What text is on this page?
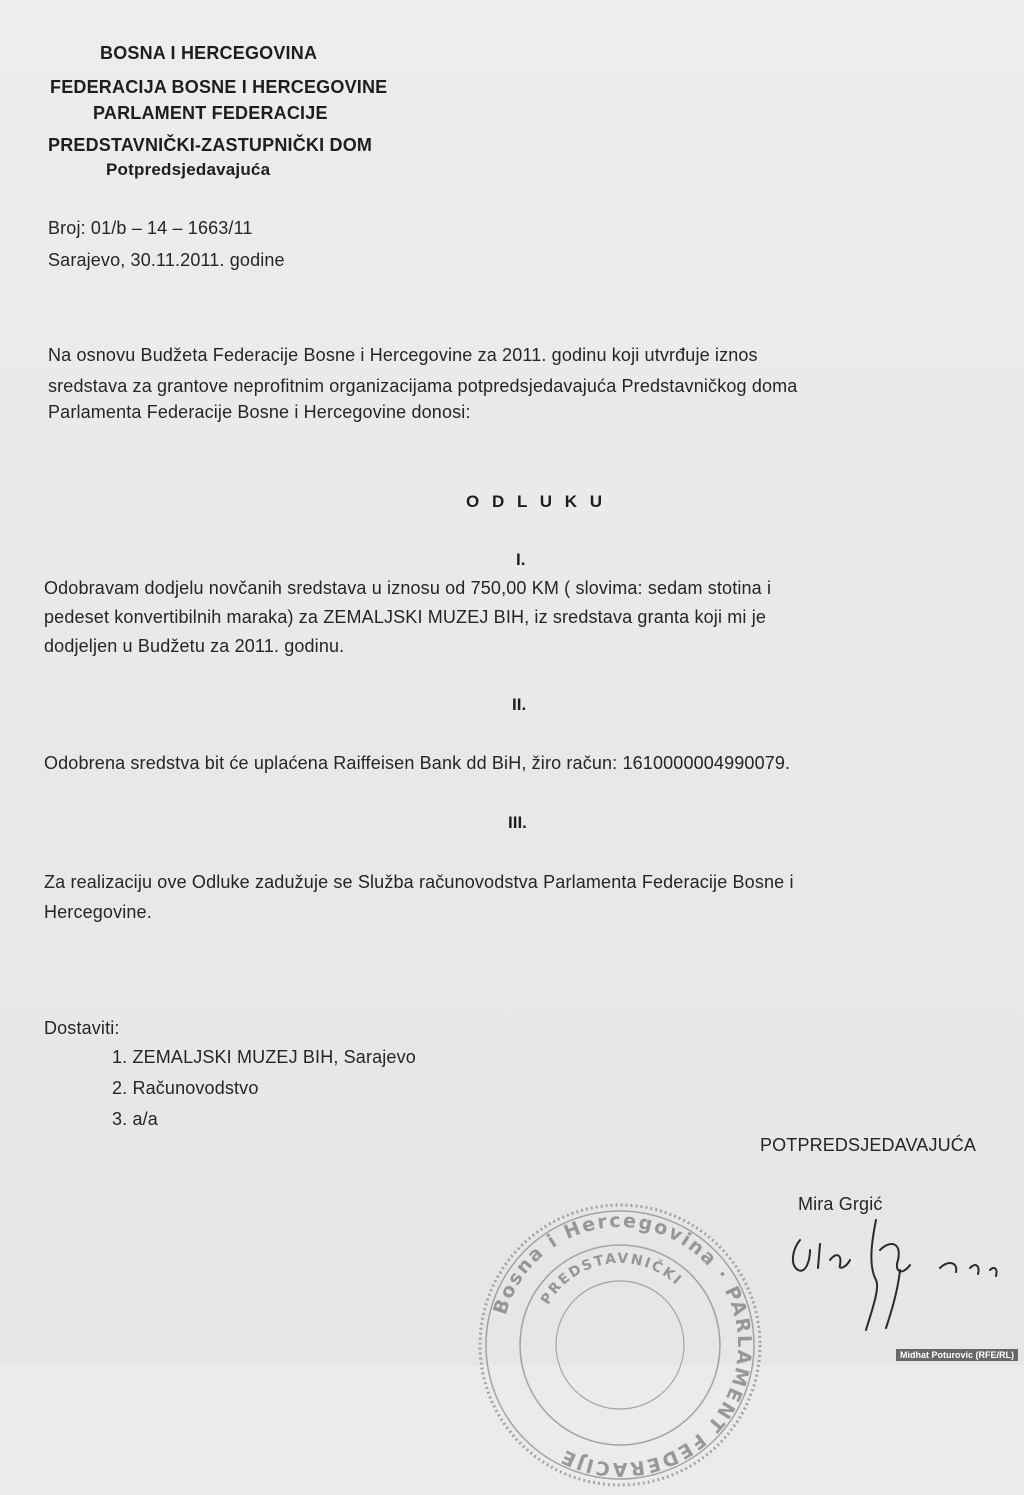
BOSNA I HERCEGOVINA
FEDERACIJA BOSNE I HERCEGOVINE
PARLAMENT FEDERACIJE
PREDSTAVNIČKI-ZASTUPNIČKI DOM
Potpredsjedavajuća
Broj: 01/b – 14 – 1663/11
Sarajevo, 30.11.2011. godine
Na osnovu Budžeta Federacije Bosne i Hercegovine za 2011. godinu koji utvrđuje iznos
sredstava za grantove neprofitnim organizacijama potpredsjedavajuća Predstavničkog doma
Parlamenta Federacije Bosne i Hercegovine donosi:
O D L U K U
I.
Odobravam dodjelu novčanih sredstava u iznosu od 750,00 KM ( slovima: sedam stotina i
pedeset konvertibilnih maraka) za ZEMALJSKI MUZEJ BIH, iz sredstava granta koji mi je
dodjeljen u Budžetu za 2011. godinu.
II.
Odobrena sredstva bit će uplaćena Raiffeisen Bank dd BiH, žiro račun: 1610000004990079.
III.
Za realizaciju ove Odluke zadužuje se Služba računovodstva Parlamenta Federacije Bosne i
Hercegovine.
Dostaviti:
1. ZEMALJSKI MUZEJ BIH, Sarajevo
2. Računovodstvo
3. a/a
POTPREDSJEDAVAJUĆA
Mira Grgić
Bosna i Hercegovina · PARLAMENT FEDERACIJE
PREDSTAVNIČKI
Midhat Poturovic (RFE/RL)
